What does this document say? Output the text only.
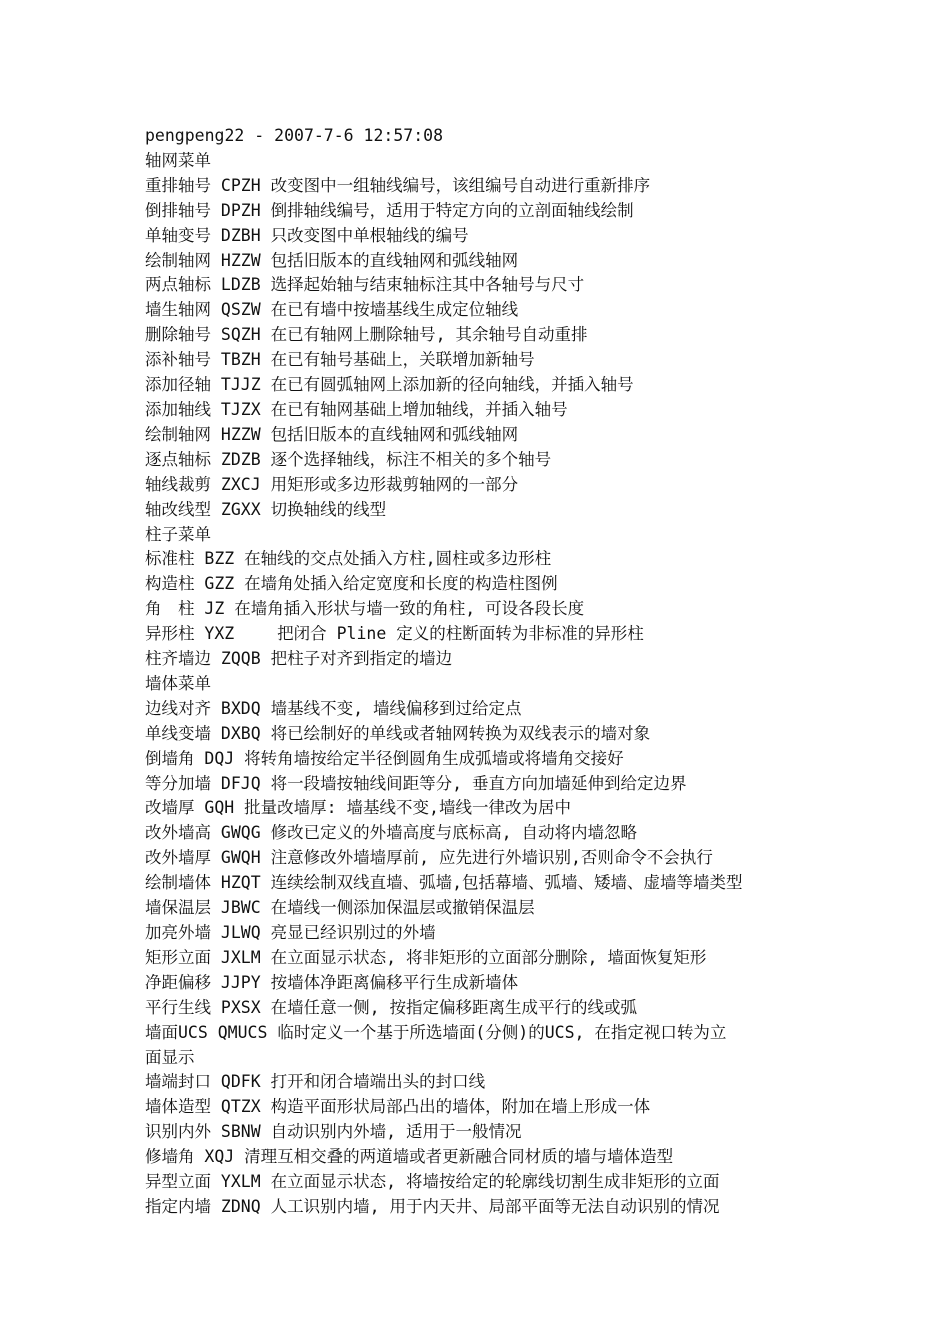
pengpeng22 - 2007-7-6 12:57:08
轴网菜单
重排轴号 CPZH 改变图中一组轴线编号，该组编号自动进行重新排序
倒排轴号 DPZH 倒排轴线编号，适用于特定方向的立剖面轴线绘制
单轴变号 DZBH 只改变图中单根轴线的编号
绘制轴网 HZZW 包括旧版本的直线轴网和弧线轴网
两点轴标 LDZB 选择起始轴与结束轴标注其中各轴号与尺寸
墙生轴网 QSZW 在已有墙中按墙基线生成定位轴线
删除轴号 SQZH 在已有轴网上删除轴号, 其余轴号自动重排
添补轴号 TBZH 在已有轴号基础上，关联增加新轴号
添加径轴 TJJZ 在已有圆弧轴网上添加新的径向轴线，并插入轴号
添加轴线 TJZX 在已有轴网基础上增加轴线，并插入轴号
绘制轴网 HZZW 包括旧版本的直线轴网和弧线轴网
逐点轴标 ZDZB 逐个选择轴线，标注不相关的多个轴号
轴线裁剪 ZXCJ 用矩形或多边形裁剪轴网的一部分
轴改线型 ZGXX 切换轴线的线型
柱子菜单
标准柱 BZZ 在轴线的交点处插入方柱,圆柱或多边形柱
构造柱 GZZ 在墙角处插入给定宽度和长度的构造柱图例
角　柱 JZ 在墙角插入形状与墙一致的角柱, 可设各段长度
异形柱 YXZ　　 把闭合 Pline 定义的柱断面转为非标准的异形柱
柱齐墙边 ZQQB 把柱子对齐到指定的墙边
墙体菜单
边线对齐 BXDQ 墙基线不变, 墙线偏移到过给定点
单线变墙 DXBQ 将已绘制好的单线或者轴网转换为双线表示的墙对象
倒墙角 DQJ 将转角墙按给定半径倒圆角生成弧墙或将墙角交接好
等分加墙 DFJQ 将一段墙按轴线间距等分, 垂直方向加墙延伸到给定边界
改墙厚 GQH 批量改墙厚: 墙基线不变,墙线一律改为居中
改外墙高 GWQG 修改已定义的外墙高度与底标高, 自动将内墙忽略
改外墙厚 GWQH 注意修改外墙墙厚前, 应先进行外墙识别,否则命令不会执行
绘制墙体 HZQT 连续绘制双线直墙、弧墙,包括幕墙、弧墙、矮墙、虚墙等墙类型
墙保温层 JBWC 在墙线一侧添加保温层或撤销保温层
加亮外墙 JLWQ 亮显已经识别过的外墙
矩形立面 JXLM 在立面显示状态, 将非矩形的立面部分删除, 墙面恢复矩形
净距偏移 JJPY 按墙体净距离偏移平行生成新墙体
平行生线 PXSX 在墙任意一侧, 按指定偏移距离生成平行的线或弧
墙面UCS QMUCS 临时定义一个基于所选墙面(分侧)的UCS, 在指定视口转为立
面显示
墙端封口 QDFK 打开和闭合墙端出头的封口线
墙体造型 QTZX 构造平面形状局部凸出的墙体，附加在墙上形成一体
识别内外 SBNW 自动识别内外墙, 适用于一般情况
修墙角 XQJ 清理互相交叠的两道墙或者更新融合同材质的墙与墙体造型
异型立面 YXLM 在立面显示状态, 将墙按给定的轮廓线切割生成非矩形的立面
指定内墙 ZDNQ 人工识别内墙, 用于内天井、局部平面等无法自动识别的情况
